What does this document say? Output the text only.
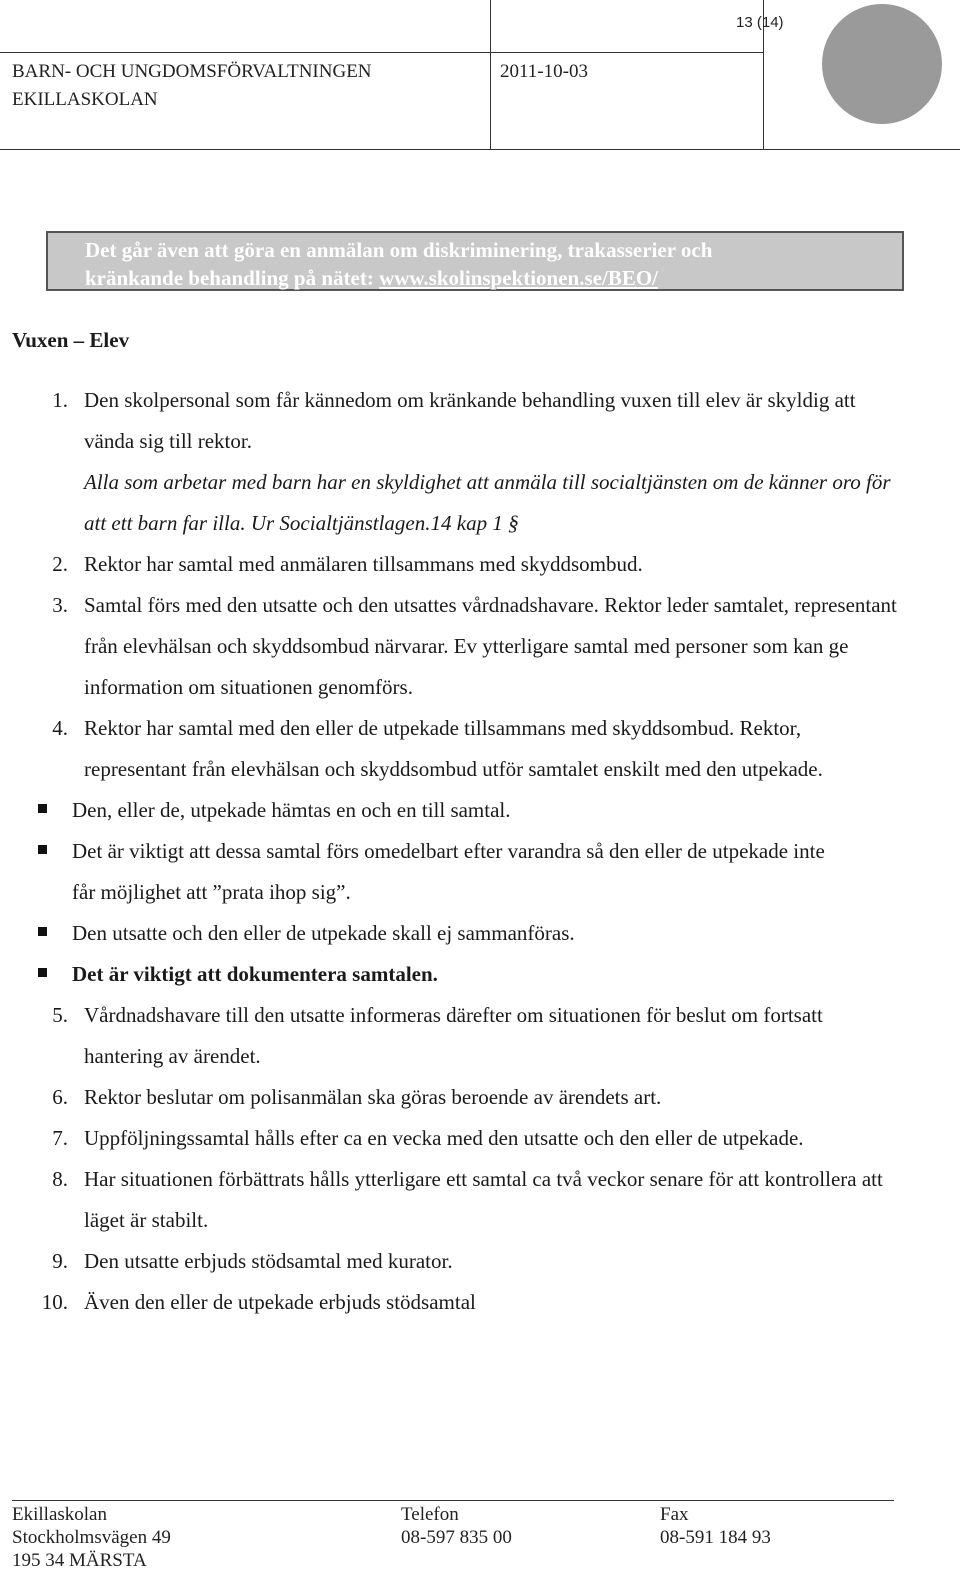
BARN- OCH UNGDOMSFÖRVALTNINGEN
EKILLASKOLAN
2011-10-03
13 (14)
Det går även att göra en anmälan om diskriminering, trakasserier och
kränkande behandling på nätet: www.skolinspektionen.se/BEO/
Vuxen – Elev
1. Den skolpersonal som får kännedom om kränkande behandling vuxen till elev är skyldig att vända sig till rektor.
Alla som arbetar med barn har en skyldighet att anmäla till socialtjänsten om de känner oro för att ett barn far illa. Ur Socialtjänstlagen.14 kap 1 §
2. Rektor har samtal med anmälaren tillsammans med skyddsombud.
3. Samtal förs med den utsatte och den utsattes vårdnadshavare. Rektor leder samtalet, representant från elevhälsan och skyddsombud närvarar. Ev ytterligare samtal med personer som kan ge information om situationen genomförs.
4. Rektor har samtal med den eller de utpekade tillsammans med skyddsombud. Rektor, representant från elevhälsan och skyddsombud utför samtalet enskilt med den utpekade.
Den, eller de, utpekade hämtas en och en till samtal.
Det är viktigt att dessa samtal förs omedelbart efter varandra så den eller de utpekade inte får möjlighet att ”prata ihop sig”.
Den utsatte och den eller de utpekade skall ej sammanföras.
Det är viktigt att dokumentera samtalen.
5. Vårdnadshavare till den utsatte informeras därefter om situationen för beslut om fortsatt hantering av ärendet.
6. Rektor beslutar om polisanmälan ska göras beroende av ärendets art.
7. Uppföljningssamtal hålls efter ca en vecka med den utsatte och den eller de utpekade.
8. Har situationen förbättrats hålls ytterligare ett samtal ca två veckor senare för att kontrollera att läget är stabilt.
9. Den utsatte erbjuds stödsamtal med kurator.
10. Även den eller de utpekade erbjuds stödsamtal
Ekillaskolan
Stockholmsvägen 49
195 34 MÄRSTA
Telefon
08-597 835 00
Fax
08-591 184 93
